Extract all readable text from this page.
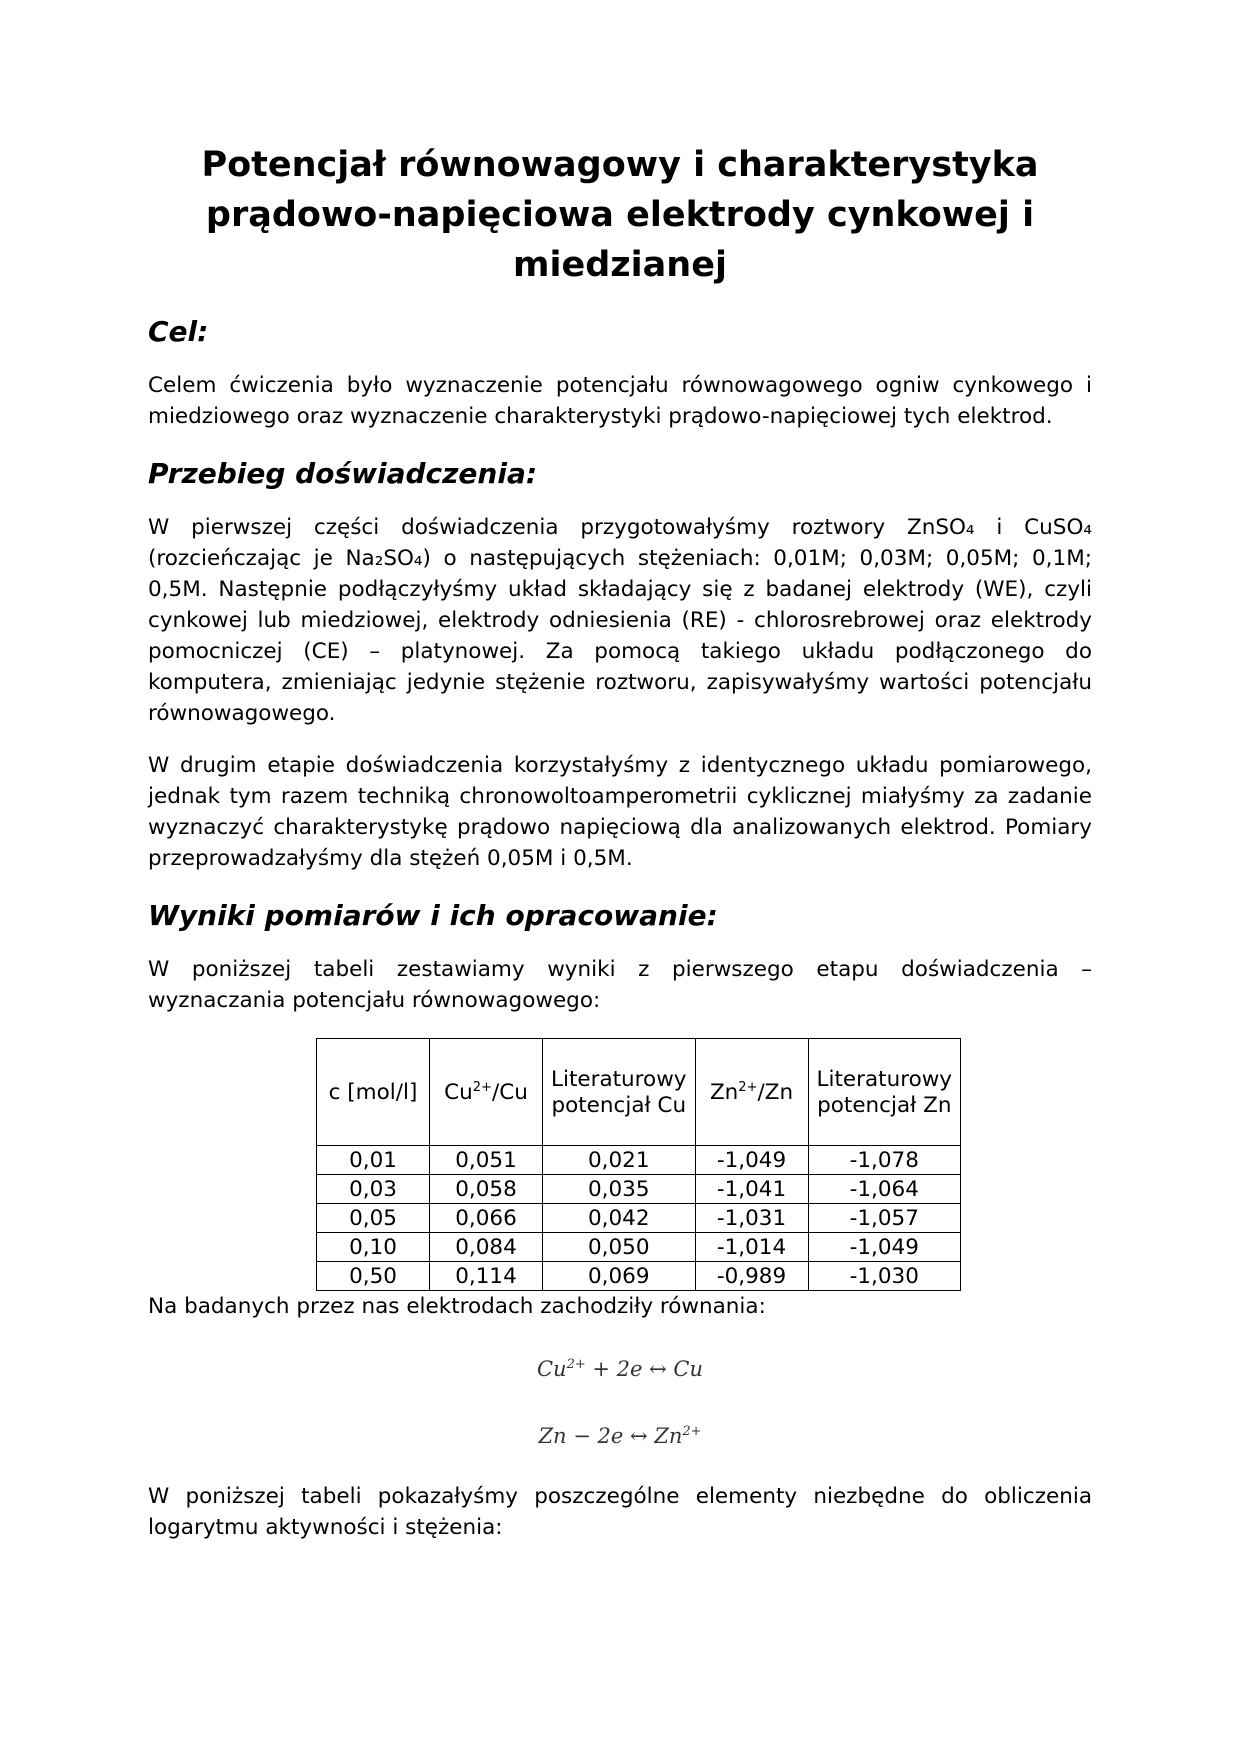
Potencjał równowagowy i charakterystyka prądowo-napięciowa elektrody cynkowej i miedzianej
Cel:

Celem ćwiczenia było wyznaczenie potencjału równowagowego ogniw cynkowego i miedziowego oraz wyznaczenie charakterystyki prądowo-napięciowej tych elektrod.

Przebieg doświadczenia:

W pierwszej części doświadczenia przygotowałyśmy roztwory ZnSO₄ i CuSO₄ (rozcieńczając je Na₂SO₄) o następujących stężeniach: 0,01M; 0,03M; 0,05M; 0,1M; 0,5M. Następnie podłączyłyśmy układ składający się z badanej elektrody (WE), czyli cynkowej lub miedziowej, elektrody odniesienia (RE) - chlorosrebrowej oraz elektrody pomocniczej (CE) – platynowej. Za pomocą takiego układu podłączonego do komputera, zmieniając jedynie stężenie roztworu, zapisywałyśmy wartości potencjału równowagowego.

W drugim etapie doświadczenia korzystałyśmy z identycznego układu pomiarowego, jednak tym razem techniką chronowoltoamperometrii cyklicznej miałyśmy za zadanie wyznaczyć charakterystykę prądowo napięciową dla analizowanych elektrod. Pomiary przeprowadzałyśmy dla stężeń 0,05M i 0,5M.

Wyniki pomiarów i ich opracowanie:

W poniższej tabeli zestawiamy wyniki z pierwszego etapu doświadczenia – wyznaczania potencjału równowagowego:

c [mol/l]	$Cu^{2+}/Cu$	Literaturowy potencjał Cu	$Zn^{2+}/Zn$	Literaturowy potencjał Zn
0,01	0,051	0,021	-1,049	-1,078
0,03	0,058	0,035	-1,041	-1,064
0,05	0,066	0,042	-1,031	-1,057
0,10	0,084	0,050	-1,014	-1,049
0,50	0,114	0,069	-0,989	-1,030

Na badanych przez nas elektrodach zachodziły równania:

$Cu^{2+} + 2e$ ↔ Cu
Zn − 2e ↔ $Zn^{2+}$

W poniższej tabeli pokazałyśmy poszczególne elementy niezbędne do obliczenia logarytmu aktywności i stężenia:
